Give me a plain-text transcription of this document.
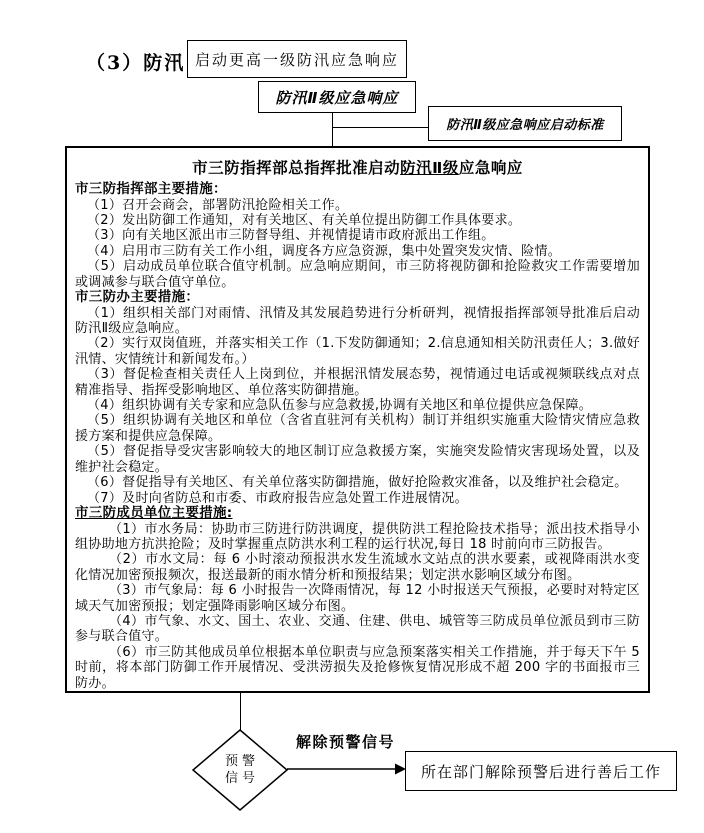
（3）防汛 启动更高一级防汛应急响应
防汛Ⅱ级应急响应
防汛Ⅱ级应急响应启动标准
市三防指挥部总指挥批准启动防汛Ⅱ级应急响应
市三防指挥部主要措施：
（1）召开会商会，部署防汛抢险相关工作。
（2）发出防御工作通知，对有关地区、有关单位提出防御工作具体要求。
（3）向有关地区派出市三防督导组、并视情提请市政府派出工作组。
（4）启用市三防有关工作小组，调度各方应急资源，集中处置突发灾情、险情。
（5）启动成员单位联合值守机制。应急响应期间，市三防将视防御和抢险救灾工作需要增加或调减参与联合值守单位。
市三防办主要措施：
（1）组织相关部门对雨情、汛情及其发展趋势进行分析研判，视情报指挥部领导批准后启动防汛Ⅱ级应急响应。
（2）实行双岗值班，并落实相关工作（1.下发防御通知；2.信息通知相关防汛责任人；3.做好汛情、灾情统计和新闻发布。）
（3）督促检查相关责任人上岗到位，并根据汛情发展态势，视情通过电话或视频联线点对点精准指导、指挥受影响地区、单位落实防御措施。
（4）组织协调有关专家和应急队伍参与应急救援,协调有关地区和单位提供应急保障。
（5）组织协调有关地区和单位（含省直驻河有关机构）制订并组织实施重大险情灾情应急救援方案和提供应急保障。
（5）督促指导受灾害影响较大的地区制订应急救援方案，实施突发险情灾害现场处置，以及维护社会稳定。
（6）督促指导有关地区、有关单位落实防御措施，做好抢险救灾准备，以及维护社会稳定。
（7）及时向省防总和市委、市政府报告应急处置工作进展情况。
市三防成员单位主要措施:
（1）市水务局：协助市三防进行防洪调度，提供防洪工程抢险技术指导；派出技术指导小组协助地方抗洪抢险；及时掌握重点防洪水利工程的运行状况,每日 18 时前向市三防报告。
（2）市水文局：每 6 小时滚动预报洪水发生流域水文站点的洪水要素，或视降雨洪水变化情况加密预报频次，报送最新的雨水情分析和预报结果；划定洪水影响区域分布图。
（3）市气象局：每 6 小时报告一次降雨情况，每 12 小时报送天气预报，必要时对特定区域天气加密预报；划定强降雨影响区域分布图。
（4）市气象、水文、国土、农业、交通、住建、供电、城管等三防成员单位派员到市三防参与联合值守。
（6）市三防其他成员单位根据本单位职责与应急预案落实相关工作措施，并于每天下午 5 时前，将本部门防御工作开展情况、受洪涝损失及抢修恢复情况形成不超 200 字的书面报市三防办。
预警
信号
解除预警信号
所在部门解除预警后进行善后工作
